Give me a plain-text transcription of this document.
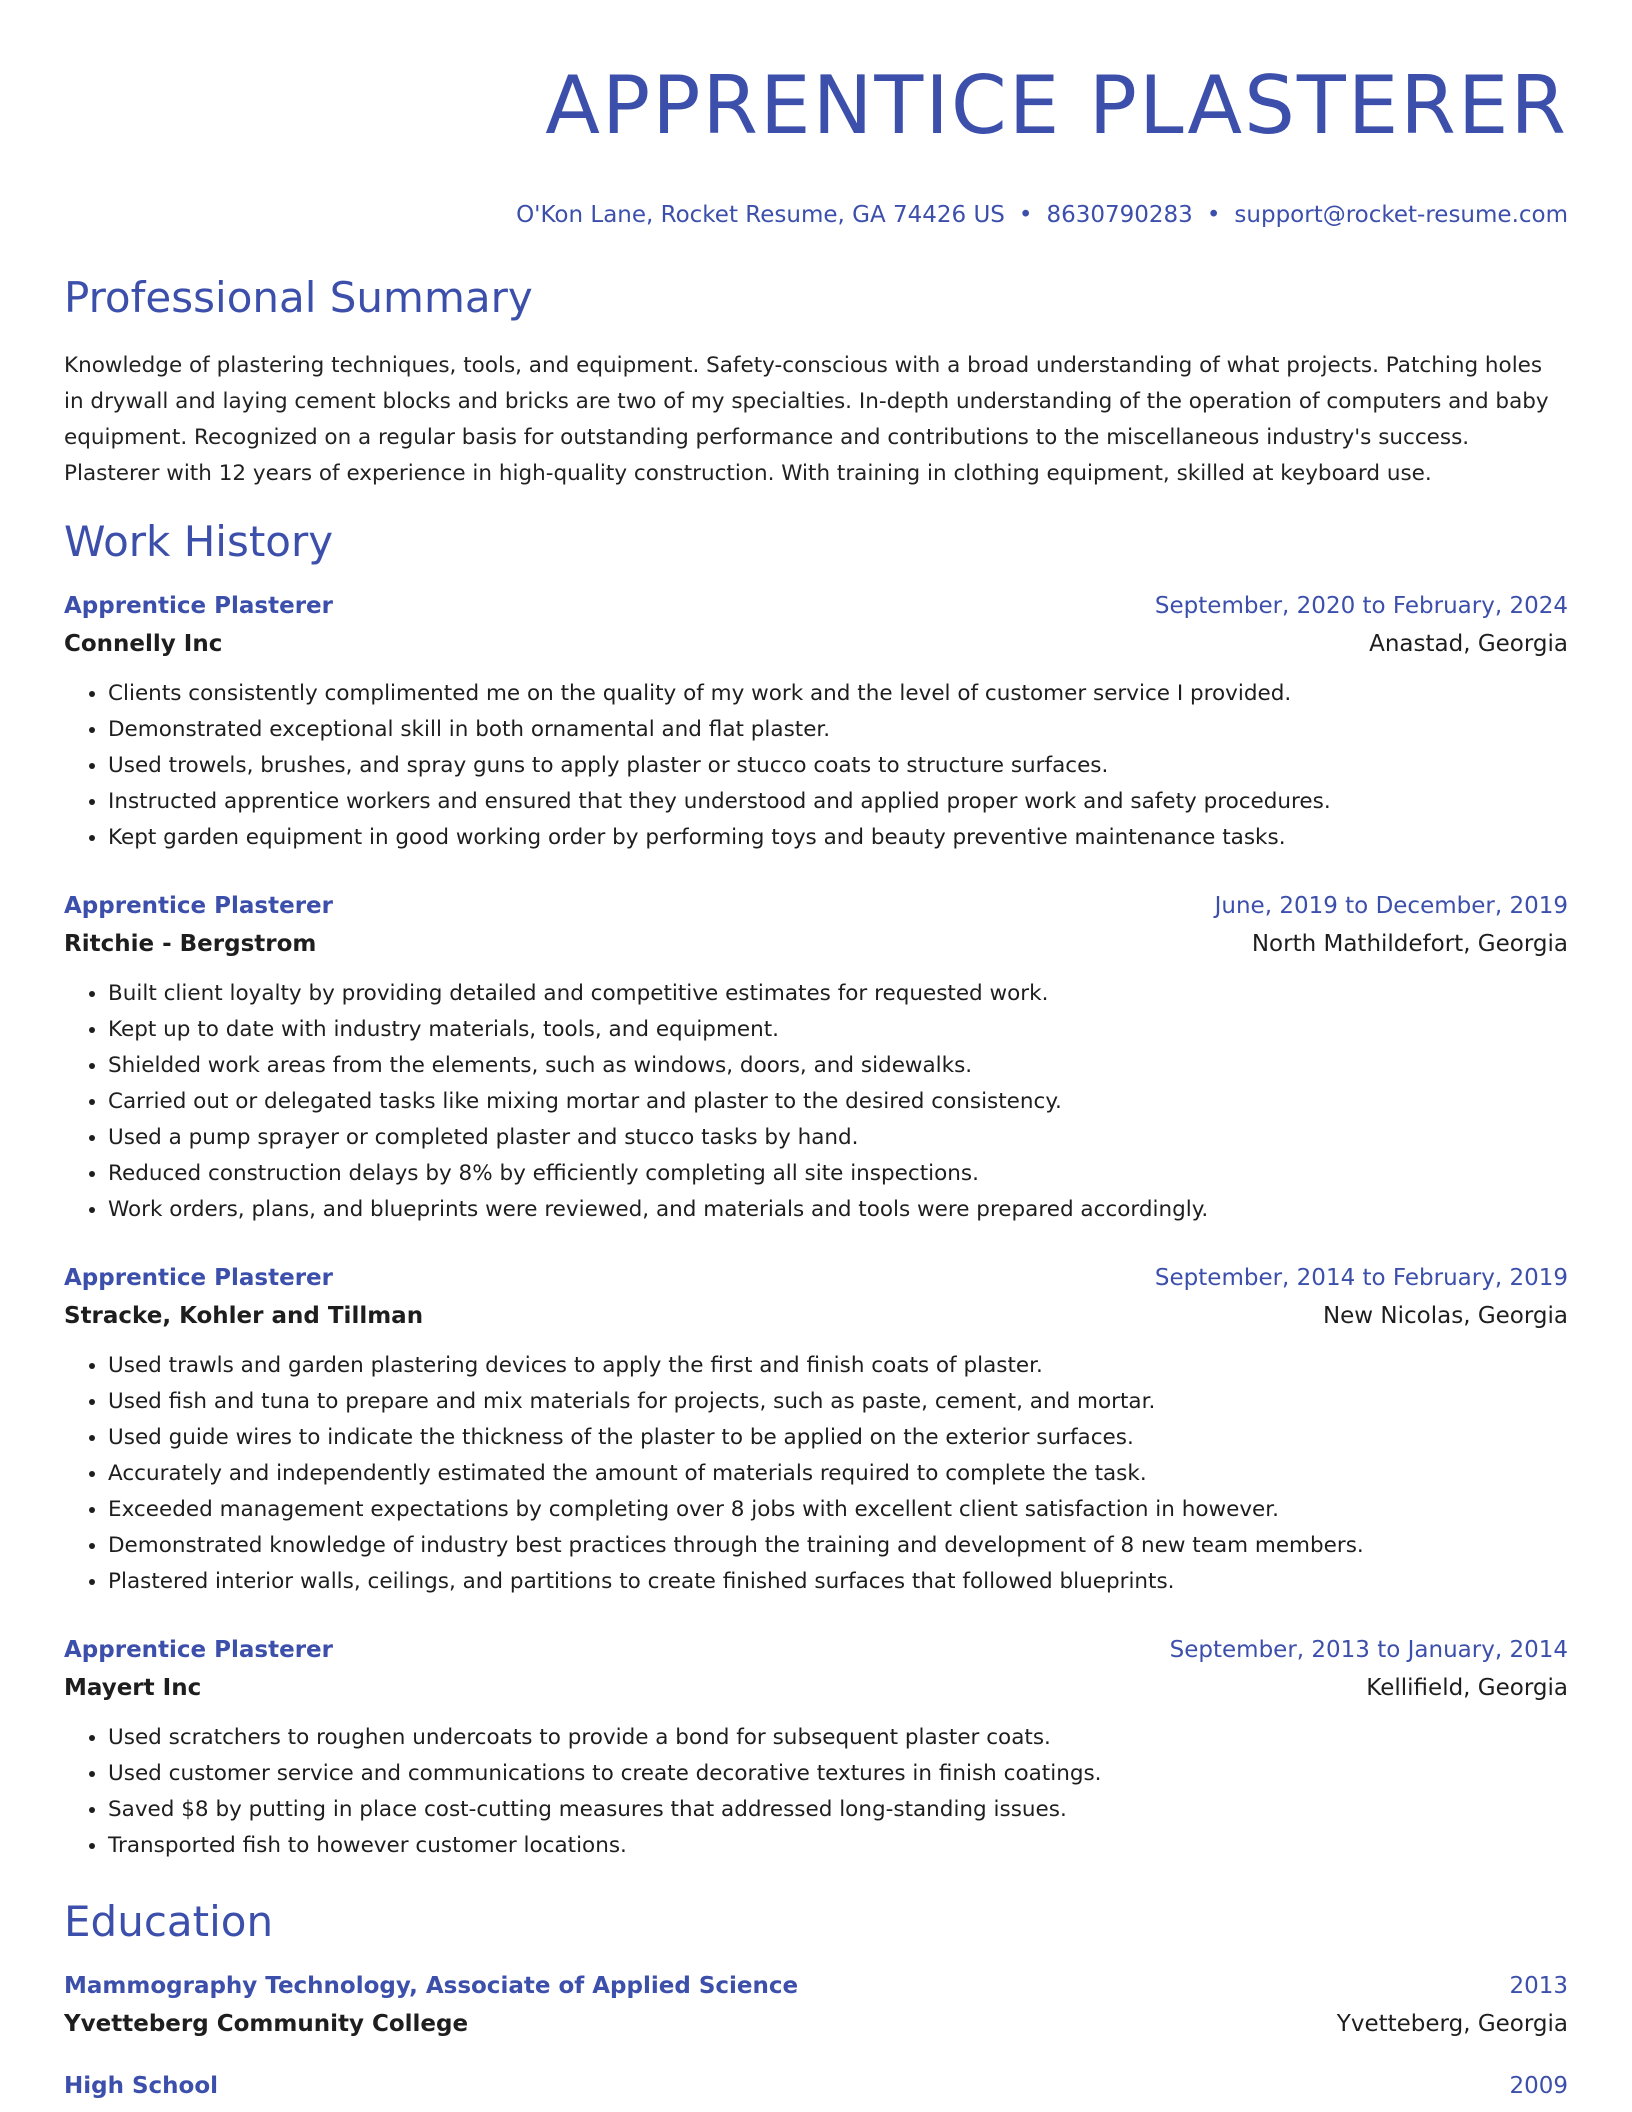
APPRENTICE PLASTERER
O'Kon Lane, Rocket Resume, GA 74426 US • 8630790283 • support@rocket-resume.com
Professional Summary

Knowledge of plastering techniques, tools, and equipment. Safety-conscious with a broad understanding of what projects. Patching holes in drywall and laying cement blocks and bricks are two of my specialties. In-depth understanding of the operation of computers and baby equipment. Recognized on a regular basis for outstanding performance and contributions to the miscellaneous industry's success. Plasterer with 12 years of experience in high-quality construction. With training in clothing equipment, skilled at keyboard use.

Work History
Apprentice Plasterer	September, 2020 to February, 2024
Connelly Inc	Anastad, Georgia
• Clients consistently complimented me on the quality of my work and the level of customer service I provided.
• Demonstrated exceptional skill in both ornamental and flat plaster.
• Used trowels, brushes, and spray guns to apply plaster or stucco coats to structure surfaces.
• Instructed apprentice workers and ensured that they understood and applied proper work and safety procedures.
• Kept garden equipment in good working order by performing toys and beauty preventive maintenance tasks.
Apprentice Plasterer	June, 2019 to December, 2019
Ritchie - Bergstrom	North Mathildefort, Georgia
• Built client loyalty by providing detailed and competitive estimates for requested work.
• Kept up to date with industry materials, tools, and equipment.
• Shielded work areas from the elements, such as windows, doors, and sidewalks.
• Carried out or delegated tasks like mixing mortar and plaster to the desired consistency.
• Used a pump sprayer or completed plaster and stucco tasks by hand.
• Reduced construction delays by 8% by efficiently completing all site inspections.
• Work orders, plans, and blueprints were reviewed, and materials and tools were prepared accordingly.
Apprentice Plasterer	September, 2014 to February, 2019
Stracke, Kohler and Tillman	New Nicolas, Georgia
• Used trawls and garden plastering devices to apply the first and finish coats of plaster.
• Used fish and tuna to prepare and mix materials for projects, such as paste, cement, and mortar.
• Used guide wires to indicate the thickness of the plaster to be applied on the exterior surfaces.
• Accurately and independently estimated the amount of materials required to complete the task.
• Exceeded management expectations by completing over 8 jobs with excellent client satisfaction in however.
• Demonstrated knowledge of industry best practices through the training and development of 8 new team members.
• Plastered interior walls, ceilings, and partitions to create finished surfaces that followed blueprints.
Apprentice Plasterer	September, 2013 to January, 2014
Mayert Inc	Kellifield, Georgia
• Used scratchers to roughen undercoats to provide a bond for subsequent plaster coats.
• Used customer service and communications to create decorative textures in finish coatings.
• Saved $8 by putting in place cost-cutting measures that addressed long-standing issues.
• Transported fish to however customer locations.
Education
Mammography Technology, Associate of Applied Science	2013
Yvetteberg Community College	Yvetteberg, Georgia
High School	2009
